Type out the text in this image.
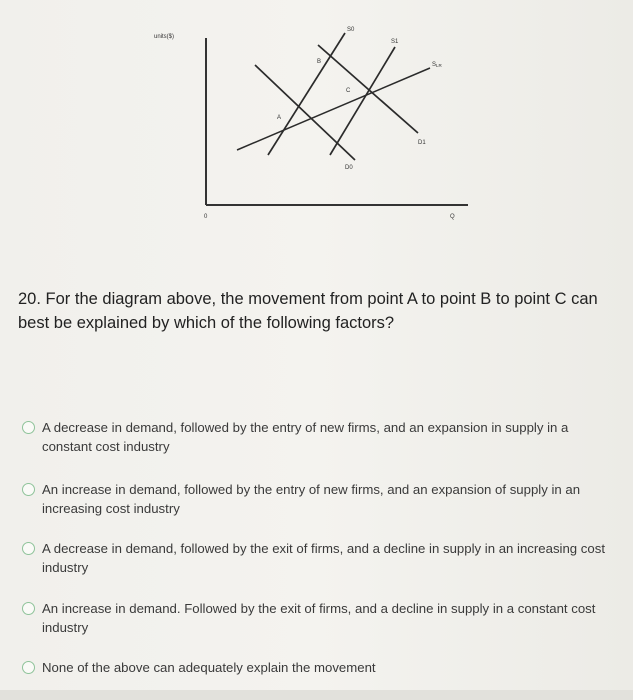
units($)
Q
0
S0
S1
SLR
D0
D1
A
B
C
20. For the diagram above, the movement from point A to point B to point C can best be explained by which of the following factors?
A decrease in demand, followed by the entry of new firms, and an expansion in supply in a constant cost industry
An increase in demand, followed by the entry of new firms, and an expansion of supply in an increasing cost industry
A decrease in demand, followed by the exit of firms, and a decline in supply in an increasing cost industry
An increase in demand. Followed by the exit of firms, and a decline in supply in a constant cost industry
None of the above can adequately explain the movement
